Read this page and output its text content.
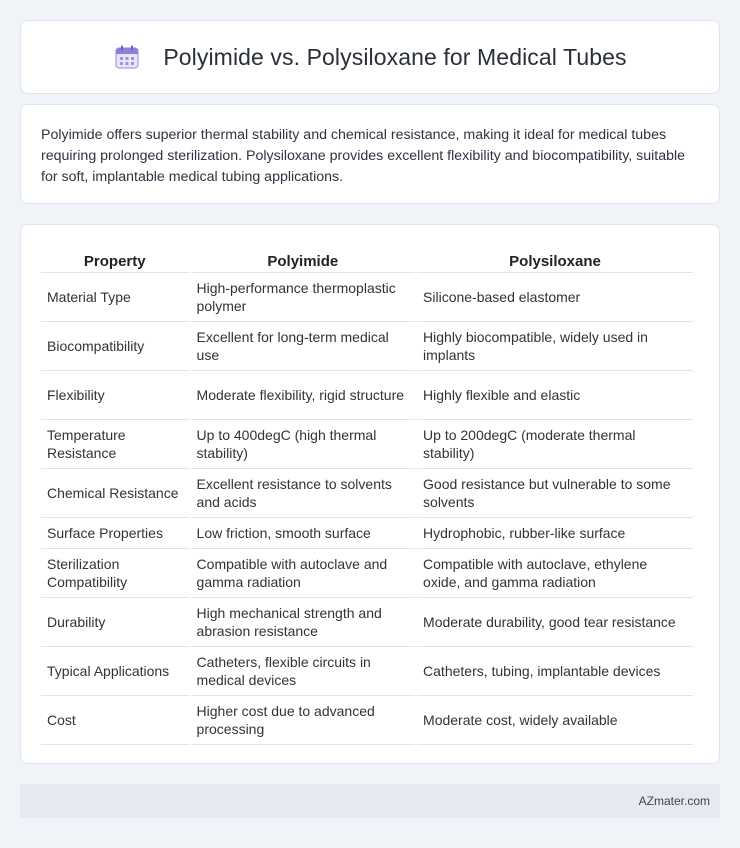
Polyimide vs. Polysiloxane for Medical Tubes

Polyimide offers superior thermal stability and chemical resistance, making it ideal for medical tubes requiring prolonged sterilization. Polysiloxane provides excellent flexibility and biocompatibility, suitable for soft, implantable medical tubing applications.

Property	Polyimide	Polysiloxane
Material Type	High-performance thermoplastic polymer	Silicone-based elastomer
Biocompatibility	Excellent for long-term medical use	Highly biocompatible, widely used in implants
Flexibility	Moderate flexibility, rigid structure	Highly flexible and elastic
Temperature Resistance	Up to 400degC (high thermal stability)	Up to 200degC (moderate thermal stability)
Chemical Resistance	Excellent resistance to solvents and acids	Good resistance but vulnerable to some solvents
Surface Properties	Low friction, smooth surface	Hydrophobic, rubber-like surface
Sterilization Compatibility	Compatible with autoclave and gamma radiation	Compatible with autoclave, ethylene oxide, and gamma radiation
Durability	High mechanical strength and abrasion resistance	Moderate durability, good tear resistance
Typical Applications	Catheters, flexible circuits in medical devices	Catheters, tubing, implantable devices
Cost	Higher cost due to advanced processing	Moderate cost, widely available
AZmater.com
